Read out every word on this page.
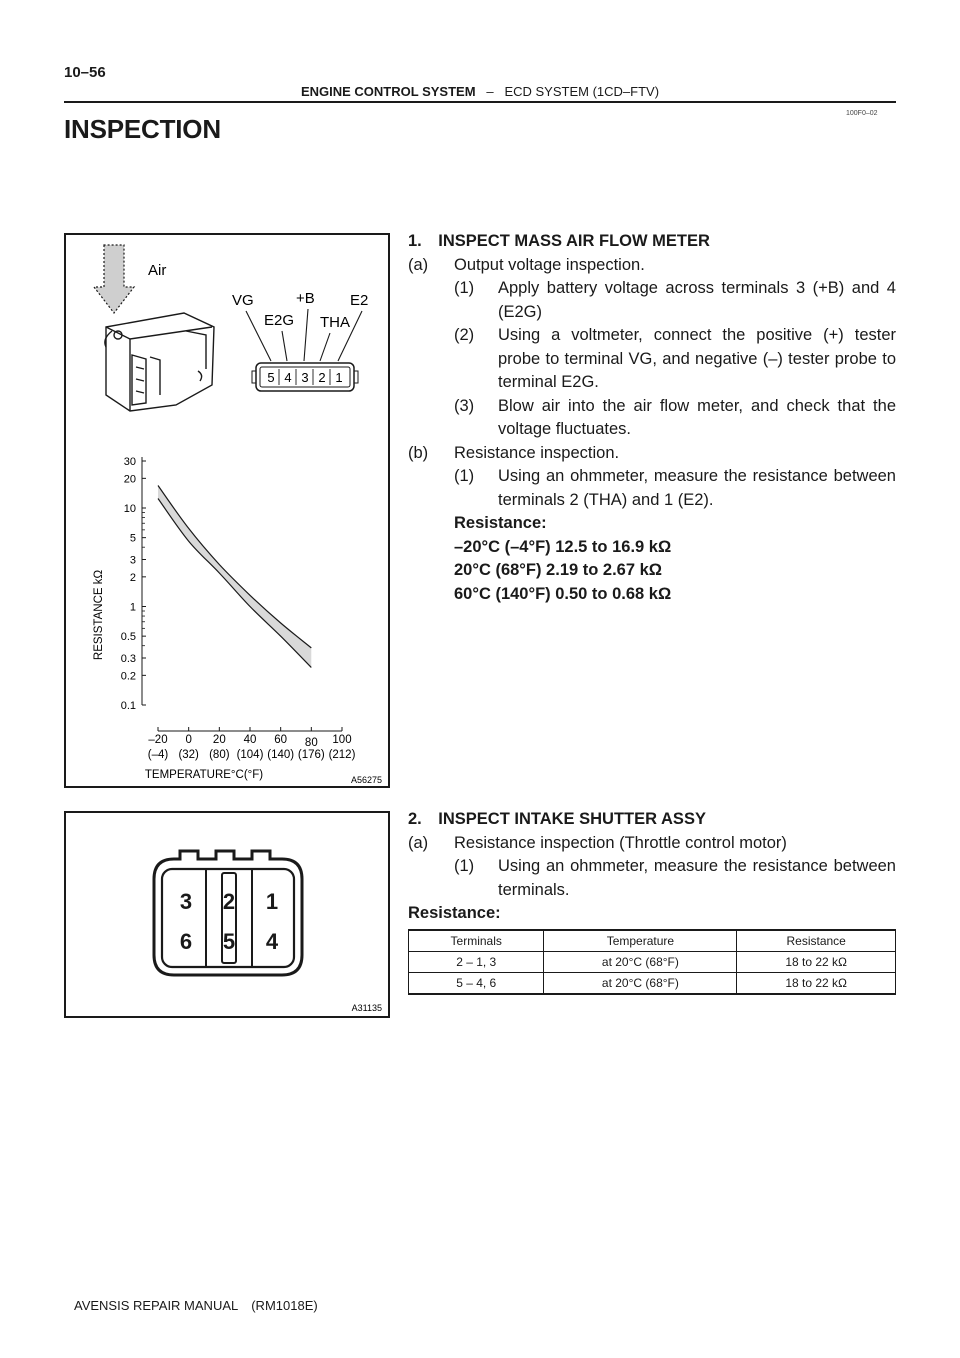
10–56
ENGINE CONTROL SYSTEM – ECD SYSTEM (1CD–FTV)
100F0–02
INSPECTION
Air
VG	+B E2
E2G THA
5 4 3 2 1
0.1
0.2
0.3
0.5
1
2
3
5
10
20
30
–20
(–4)
0
(32)
20
(80)
40
(104)
60
(140)
80
(176)
100
(212)
RESISTANCE kΩ
TEMPERATURE°C(°F)	A56275
3 2 1
6 5 4
A31135
1. INSPECT MASS AIR FLOW METER
(a) Output voltage inspection.
(1) Apply battery voltage across terminals 3 (+B) and 4 (E2G)
(2) Using a voltmeter, connect the positive (+) tester probe to terminal VG, and negative (–) tester probe to terminal E2G.
(3) Blow air into the air flow meter, and check that the voltage fluctuates.
(b) Resistance inspection.
(1) Using an ohmmeter, measure the resistance between terminals 2 (THA) and 1 (E2).
Resistance:
–20°C (–4°F) 12.5 to 16.9 kΩ
20°C (68°F) 2.19 to 2.67 kΩ
60°C (140°F) 0.50 to 0.68 kΩ
2. INSPECT INTAKE SHUTTER ASSY
(a) Resistance inspection (Throttle control motor)
(1) Using an ohmmeter, measure the resistance between terminals.
Resistance:
Terminals	Temperature	Resistance
2 – 1, 3	at 20°C (68°F)	18 to 22 kΩ
5 – 4, 6	at 20°C (68°F)	18 to 22 kΩ
AVENSIS REPAIR MANUAL (RM1018E)
